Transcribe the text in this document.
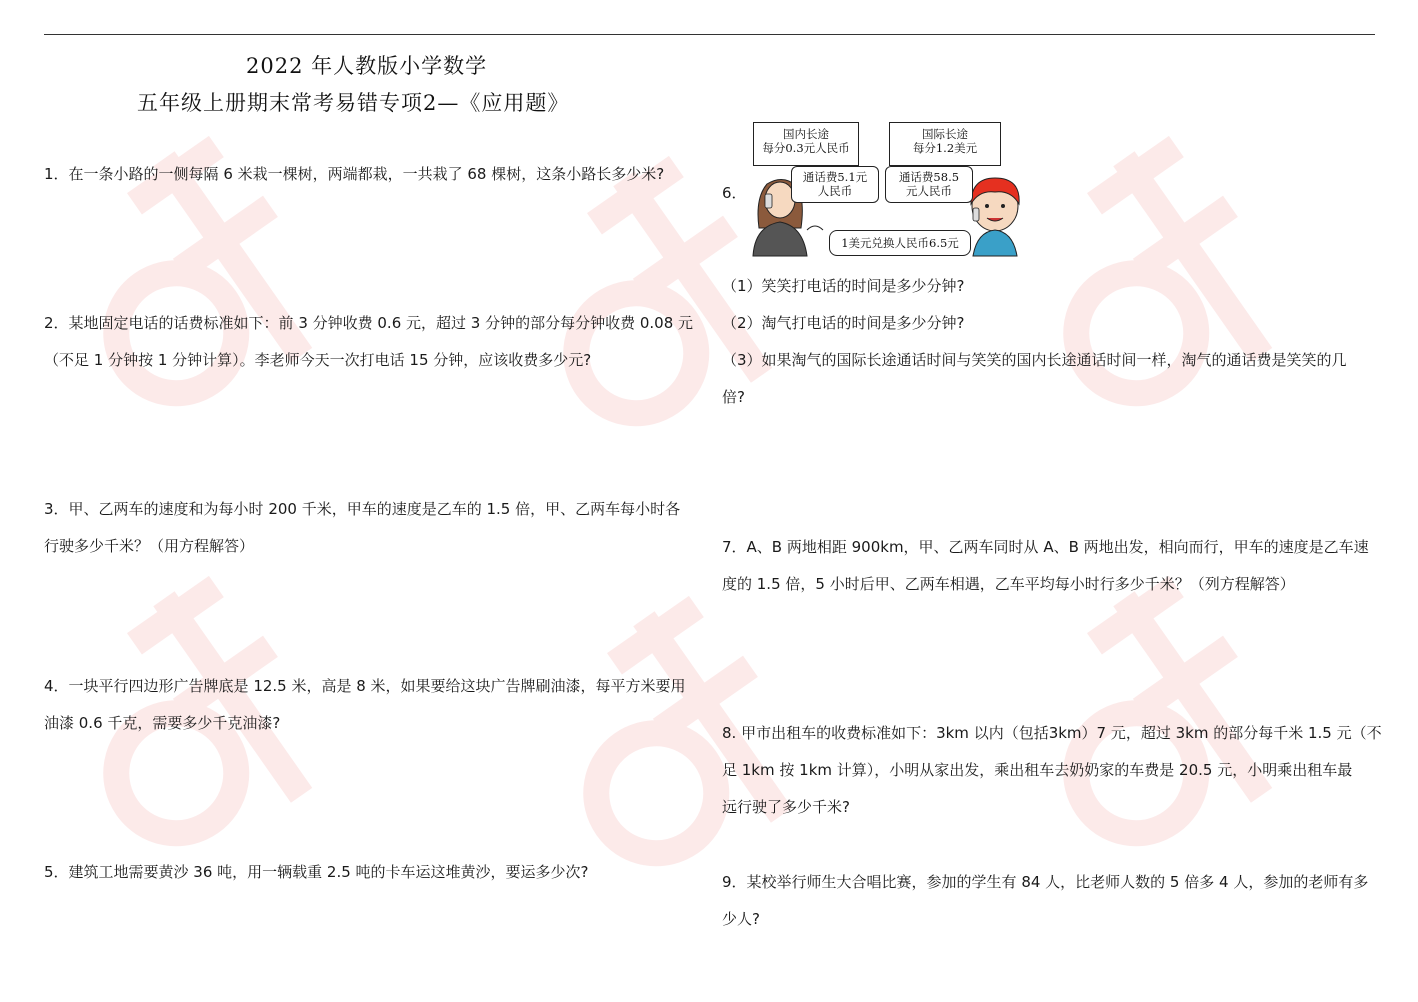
2022 年人教版小学数学
五年级上册期末常考易错专项2—《应用题》
1．在一条小路的一侧每隔 6 米栽一棵树，两端都栽，一共栽了 68 棵树，这条小路长多少米?
2．某地固定电话的话费标准如下：前 3 分钟收费 0.6 元，超过 3 分钟的部分每分钟收费 0.08 元
（不足 1 分钟按 1 分钟计算）。李老师今天一次打电话 15 分钟，应该收费多少元?
3．甲、乙两车的速度和为每小时 200 千米，甲车的速度是乙车的 1.5 倍，甲、乙两车每小时各
行驶多少千米？（用方程解答）
4．一块平行四边形广告牌底是 12.5 米，高是 8 米，如果要给这块广告牌刷油漆，每平方米要用
油漆 0.6 千克，需要多少千克油漆?
5．建筑工地需要黄沙 36 吨，用一辆载重 2.5 吨的卡车运这堆黄沙，要运多少次?
6．
国内长途
每分0.3元人民币
国际长途
每分1.2美元
通话费5.1元
人民币
通话费58.5
元人民币
1美元兑换人民币6.5元
（1）笑笑打电话的时间是多少分钟?
（2）淘气打电话的时间是多少分钟?
（3）如果淘气的国际长途通话时间与笑笑的国内长途通话时间一样，淘气的通话费是笑笑的几
倍?
7．A、B 两地相距 900km，甲、乙两车同时从 A、B 两地出发，相向而行，甲车的速度是乙车速
度的 1.5 倍，5 小时后甲、乙两车相遇，乙车平均每小时行多少千米？（列方程解答）
8. 甲市出租车的收费标准如下：3km 以内（包括3km）7 元，超过 3km 的部分每千米 1.5 元（不
足 1km 按 1km 计算），小明从家出发，乘出租车去奶奶家的车费是 20.5 元，小明乘出租车最
远行驶了多少千米?
9．某校举行师生大合唱比赛，参加的学生有 84 人，比老师人数的 5 倍多 4 人，参加的老师有多
少人?
